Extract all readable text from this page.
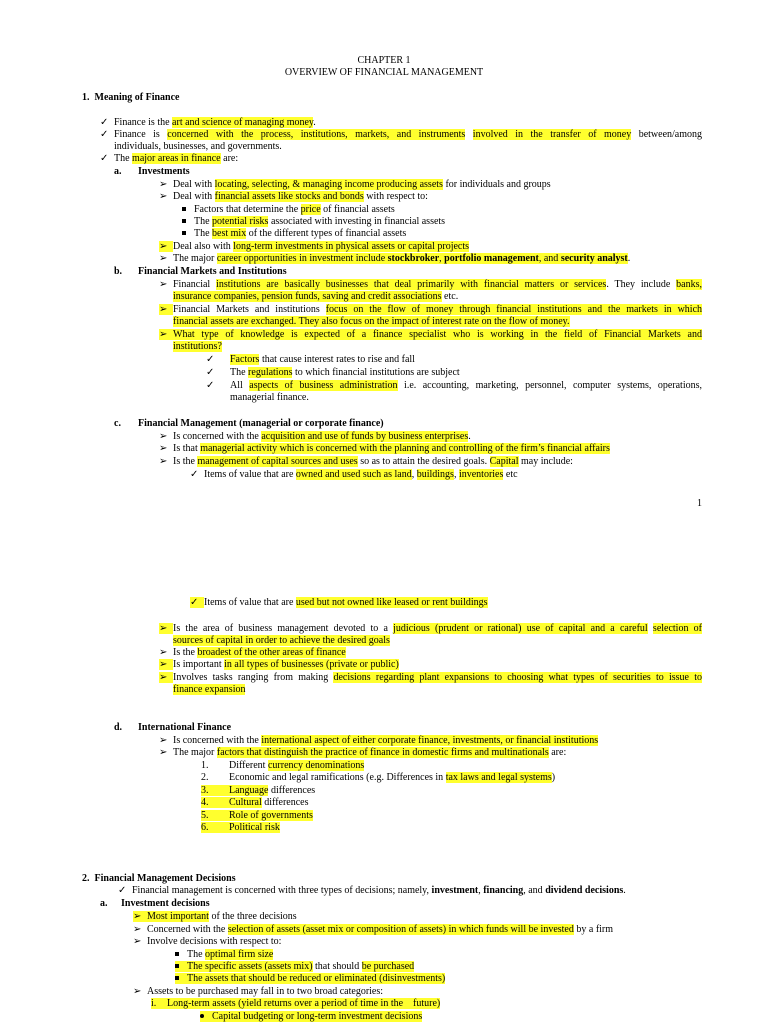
CHAPTER 1
OVERVIEW OF FINANCIAL MANAGEMENT
1.  Meaning of Finance
✓ Finance is the art and science of managing money.
✓ Finance is concerned with the process, institutions, markets, and instruments involved in the transfer of money between/among
individuals, businesses, and governments.
✓ The major areas in finance are:
a. Investments
➢ Deal with locating, selecting, & managing income producing assets for individuals and groups
➢ Deal with financial assets like stocks and bonds with respect to:
Factors that determine the price of financial assets
The potential risks associated with investing in financial assets
The best mix of the different types of financial assets
➢ Deal also with long-term investments in physical assets or capital projects
➢ The major career opportunities in investment include stockbroker, portfolio management, and security analyst.
b. Financial Markets and Institutions
➢ Financial institutions are basically businesses that deal primarily with financial matters or services. They include banks,
insurance companies, pension funds, saving and credit associations etc.
➢ Financial Markets and institutions focus on the flow of money through financial institutions and the markets in which
financial assets are exchanged. They also focus on the impact of interest rate on the flow of money.
➢ What type of knowledge is expected of a finance specialist who is working in the field of Financial Markets and
institutions?
✓ Factors that cause interest rates to rise and fall
✓ The regulations to which financial institutions are subject
✓ All aspects of business administration i.e. accounting, marketing, personnel, computer systems, operations,
managerial finance.
c. Financial Management (managerial or corporate finance)
➢ Is concerned with the acquisition and use of funds by business enterprises.
➢ Is that managerial activity which is concerned with the planning and controlling of the firm’s financial affairs
➢ Is the management of capital sources and uses so as to attain the desired goals. Capital may include:
✓ Items of value that are owned and used such as land, buildings, inventories etc
1
✓ Items of value that are used but not owned like leased or rent buildings
➢ Is the area of business management devoted to a judicious (prudent or rational) use of capital and a careful selection of
sources of capital in order to achieve the desired goals
➢ Is the broadest of the other areas of finance
➢ Is important in all types of businesses (private or public)
➢ Involves tasks ranging from making decisions regarding plant expansions to choosing what types of securities to issue to
finance expansion
d. International Finance
➢ Is concerned with the international aspect of either corporate finance, investments, or financial institutions
➢ The major factors that distinguish the practice of finance in domestic firms and multinationals are:
1. Different currency denominations
2. Economic and legal ramifications (e.g. Differences in tax laws and legal systems)
3. Language differences
4. Cultural differences
5. Role of governments
6. Political risk
2.  Financial Management Decisions
✓ Financial management is concerned with three types of decisions; namely, investment, financing, and dividend decisions.
a. Investment decisions
➢ Most important of the three decisions
➢ Concerned with the selection of assets (asset mix or composition of assets) in which funds will be invested by a firm
➢ Involve decisions with respect to:
The optimal firm size
The specific assets (assets mix) that should be purchased
The assets that should be reduced or eliminated (disinvestments)
➢ Assets to be purchased may fall in to two broad categories:
i. Long-term assets (yield returns over a period of time in the    future)
Capital budgeting or long-term investment decisions
